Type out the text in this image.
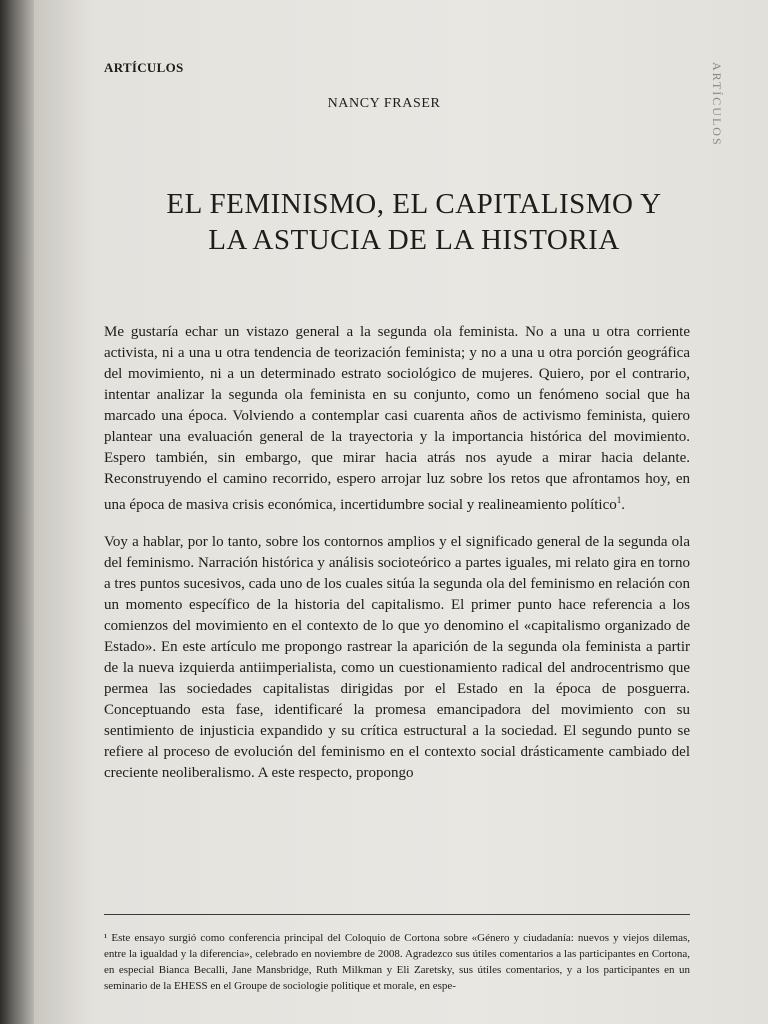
ARTÍCULOS
ARTÍCULOS
NANCY FRASER
EL FEMINISMO, EL CAPITALISMO Y
LA ASTUCIA DE LA HISTORIA

Me gustaría echar un vistazo general a la segunda ola feminista. No a una u otra corriente activista, ni a una u otra tendencia de teorización feminista; y no a una u otra porción geográfica del movimiento, ni a un determinado estrato sociológico de mujeres. Quiero, por el contrario, intentar analizar la segunda ola feminista en su conjunto, como un fenómeno social que ha marcado una época. Volviendo a contemplar casi cuarenta años de activismo feminista, quiero plantear una evaluación general de la trayectoria y la importancia histórica del movimiento. Espero también, sin embargo, que mirar hacia atrás nos ayude a mirar hacia delante. Reconstruyendo el camino recorrido, espero arrojar luz sobre los retos que afrontamos hoy, en una época de masiva crisis económica, incertidumbre social y realineamiento político$^1$.

Voy a hablar, por lo tanto, sobre los contornos amplios y el significado general de la segunda ola del feminismo. Narración histórica y análisis socioteórico a partes iguales, mi relato gira en torno a tres puntos sucesivos, cada uno de los cuales sitúa la segunda ola del feminismo en relación con un momento específico de la historia del capitalismo. El primer punto hace referencia a los comienzos del movimiento en el contexto de lo que yo denomino el «capitalismo organizado de Estado». En este artículo me propongo rastrear la aparición de la segunda ola feminista a partir de la nueva izquierda antiimperialista, como un cuestionamiento radical del androcentrismo que permea las sociedades capitalistas dirigidas por el Estado en la época de posguerra. Conceptuando esta fase, identificaré la promesa emancipadora del movimiento con su sentimiento de injusticia expandido y su crítica estructural a la sociedad. El segundo punto se refiere al proceso de evolución del feminismo en el contexto social drásticamente cambiado del creciente neoliberalismo. A este respecto, propongo

¹ Este ensayo surgió como conferencia principal del Coloquio de Cortona sobre «Género y ciudadanía: nuevos y viejos dilemas, entre la igualdad y la diferencia», celebrado en noviembre de 2008. Agradezco sus útiles comentarios a las participantes en Cortona, en especial Bianca Becalli, Jane Mansbridge, Ruth Milkman y Eli Zaretsky, sus útiles comentarios, y a los participantes en un seminario de la EHESS en el Groupe de sociologie politique et morale, en espe-
